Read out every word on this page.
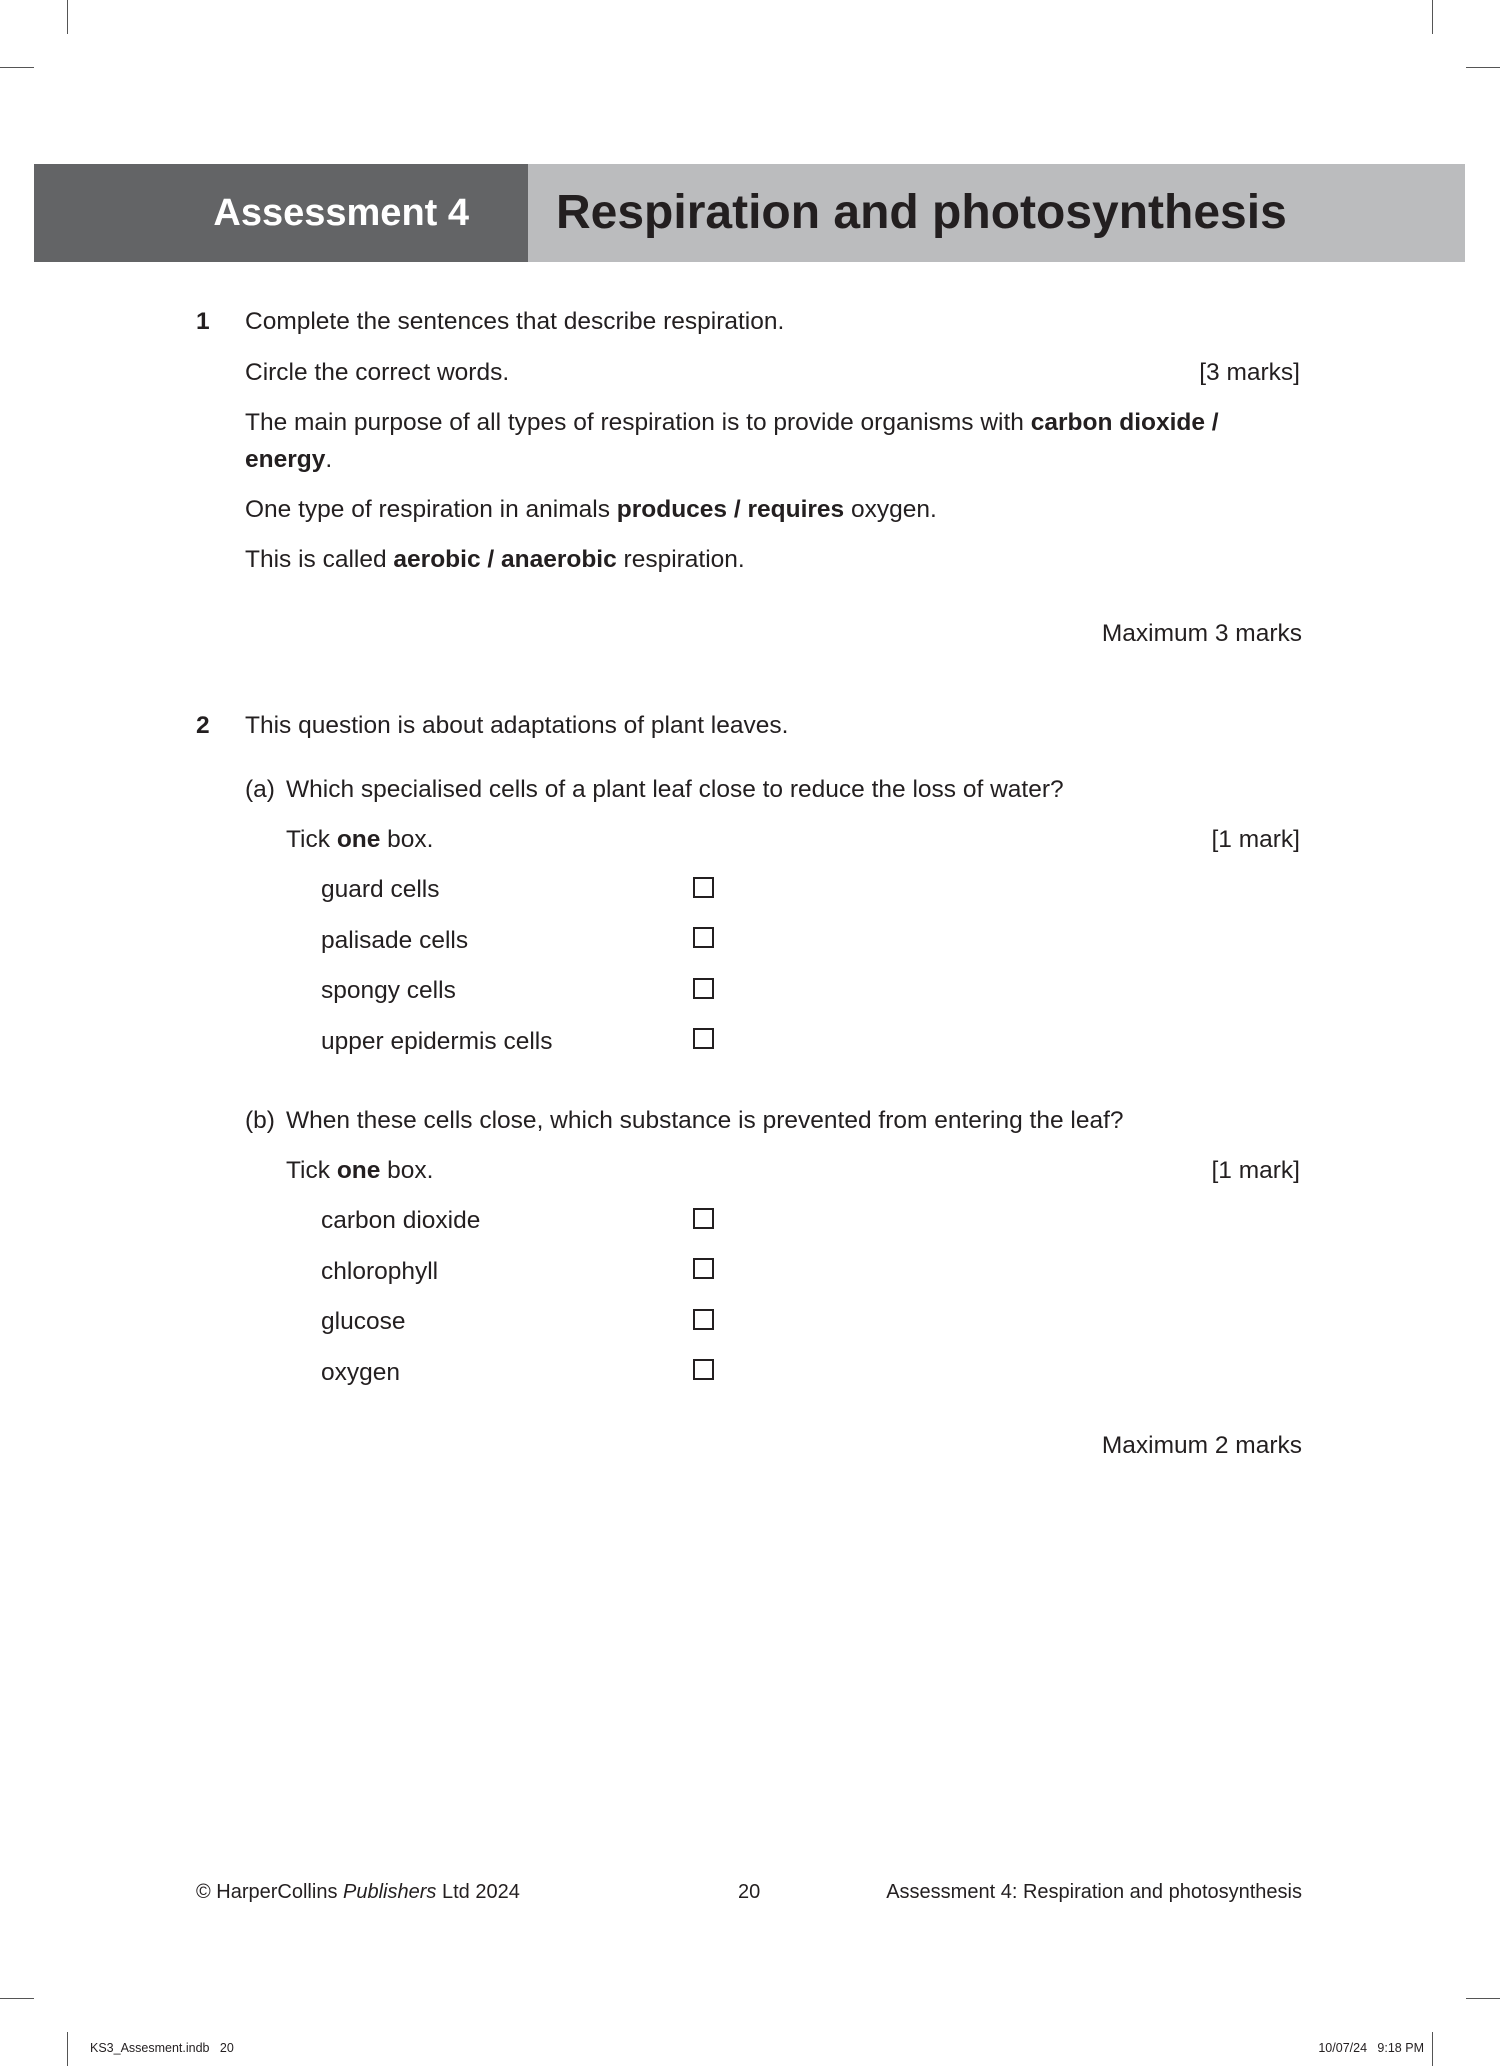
Assessment 4 Respiration and photosynthesis
1 Complete the sentences that describe respiration.
Circle the correct words.	[3 marks]
The main purpose of all types of respiration is to provide organisms with carbon dioxide /
energy.
One type of respiration in animals produces / requires oxygen.
This is called aerobic / anaerobic respiration.
Maximum 3 marks
2 This question is about adaptations of plant leaves.
(a) Which specialised cells of a plant leaf close to reduce the loss of water?
Tick one box.	[1 mark]
guard cells
palisade cells
spongy cells
upper epidermis cells
(b) When these cells close, which substance is prevented from entering the leaf?
Tick one box.	[1 mark]
carbon dioxide
chlorophyll
glucose
oxygen
Maximum 2 marks
© HarperCollins Publishers Ltd 2024	20	Assessment 4: Respiration and photosynthesis
KS3_Assesment.indb   20	10/07/24   9:18 PM
